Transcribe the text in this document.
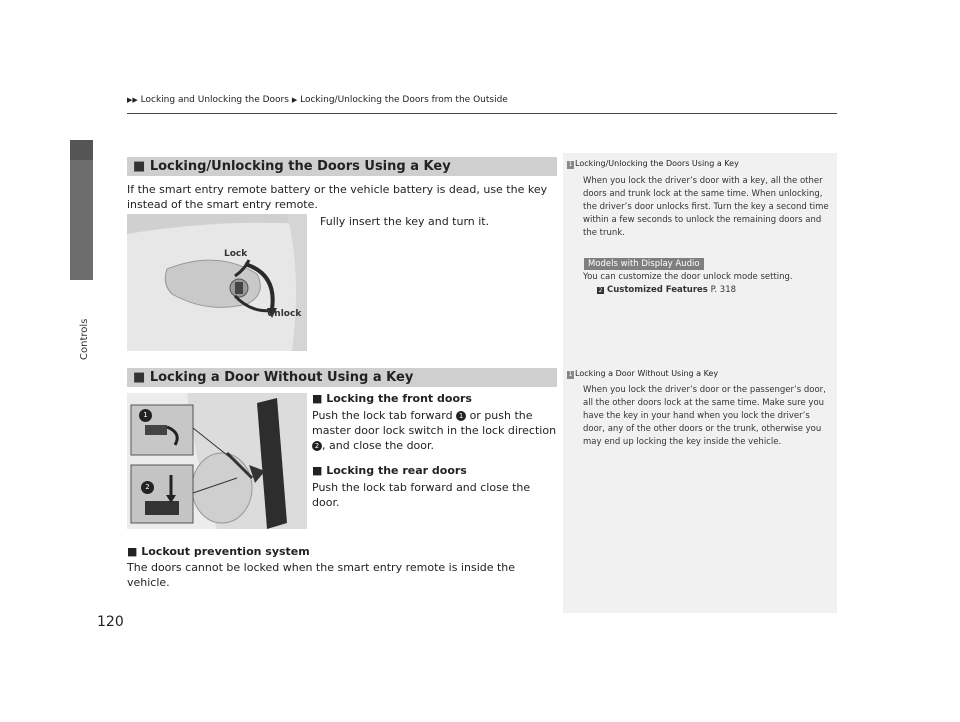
Controls
▶▶ Locking and Unlocking the Doors ▶ Locking/Unlocking the Doors from the Outside
■ Locking/Unlocking the Doors Using a Key
If the smart entry remote battery or the vehicle battery is dead, use the key instead of the smart entry remote.
Fully insert the key and turn it.
Lock
Unlock
1 Locking/Unlocking the Doors Using a Key
When you lock the driver’s door with a key, all the other doors and trunk lock at the same time. When unlocking, the driver’s door unlocks first. Turn the key a second time within a few seconds to unlock the remaining doors and the trunk.
Models with Display Audio
You can customize the door unlock mode setting.
2 Customized Features P. 318
■ Locking a Door Without Using a Key
1
2
■ Locking the front doors
Push the lock tab forward 1 or push the master door lock switch in the lock direction 2 , and close the door.
■ Locking the rear doors
Push the lock tab forward and close the door.
1 Locking a Door Without Using a Key
When you lock the driver’s door or the passenger’s door, all the other doors lock at the same time. Make sure you have the key in your hand when you lock the driver’s door, any of the other doors or the trunk, otherwise you may end up locking the key inside the vehicle.
■ Lockout prevention system
The doors cannot be locked when the smart entry remote is inside the vehicle.
120
